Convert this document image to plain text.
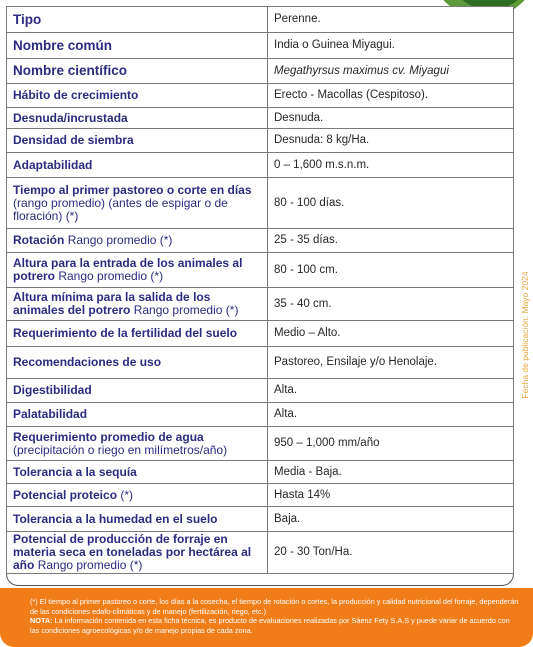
Tipo	Perenne.
Nombre común	India o Guinea Miyagui.
Nombre científico	Megathyrsus maximus cv. Miyagui
Hábito de crecimiento	Erecto - Macollas (Cespitoso).
Desnuda/incrustada	Desnuda.
Densidad de siembra	Desnuda: 8 kg/Ha.
Adaptabilidad	0 – 1,600 m.s.n.m.
Tiempo al primer pastoreo o corte en días (rango promedio) (antes de espigar o de floración) (*)	80 - 100 días.
Rotación Rango promedio (*)	25 - 35 días.
Altura para la entrada de los animales al potrero Rango promedio (*)	80 - 100 cm.
Altura mínima para la salida de los animales del potrero Rango promedio (*)	35 - 40 cm.
Requerimiento de la fertilidad del suelo	Medio – Alto.
Recomendaciones de uso	Pastoreo, Ensilaje y/o Henolaje.
Digestibilidad	Alta.
Palatabilidad	Alta.
Requerimiento promedio de agua
(precipitación o riego en milímetros/año)	950 – 1,000 mm/año
Tolerancia a la sequía	Media - Baja.
Potencial proteico (*)	Hasta 14%
Tolerancia a la humedad en el suelo	Baja.
Potencial de producción de forraje en materia seca en toneladas por hectárea al año Rango promedio (*)	20 - 30 Ton/Ha.
Fecha de publicación: Mayo 2024
(*) El tiempo al primer pastoreo o corte, los días a la cosecha, el tiempo de rotación o cortes, la producción y calidad nutricional del forraje, dependerán de las condiciones edafo-climáticas y de manejo (fertilización, riego, etc.)
NOTA: La información contenida en esta ficha técnica, es producto de evaluaciones realizadas por Sáenz Fety S.A.S y puede variar de acuerdo con las condiciones agroecológicas y/o de manejo propias de cada zona.
